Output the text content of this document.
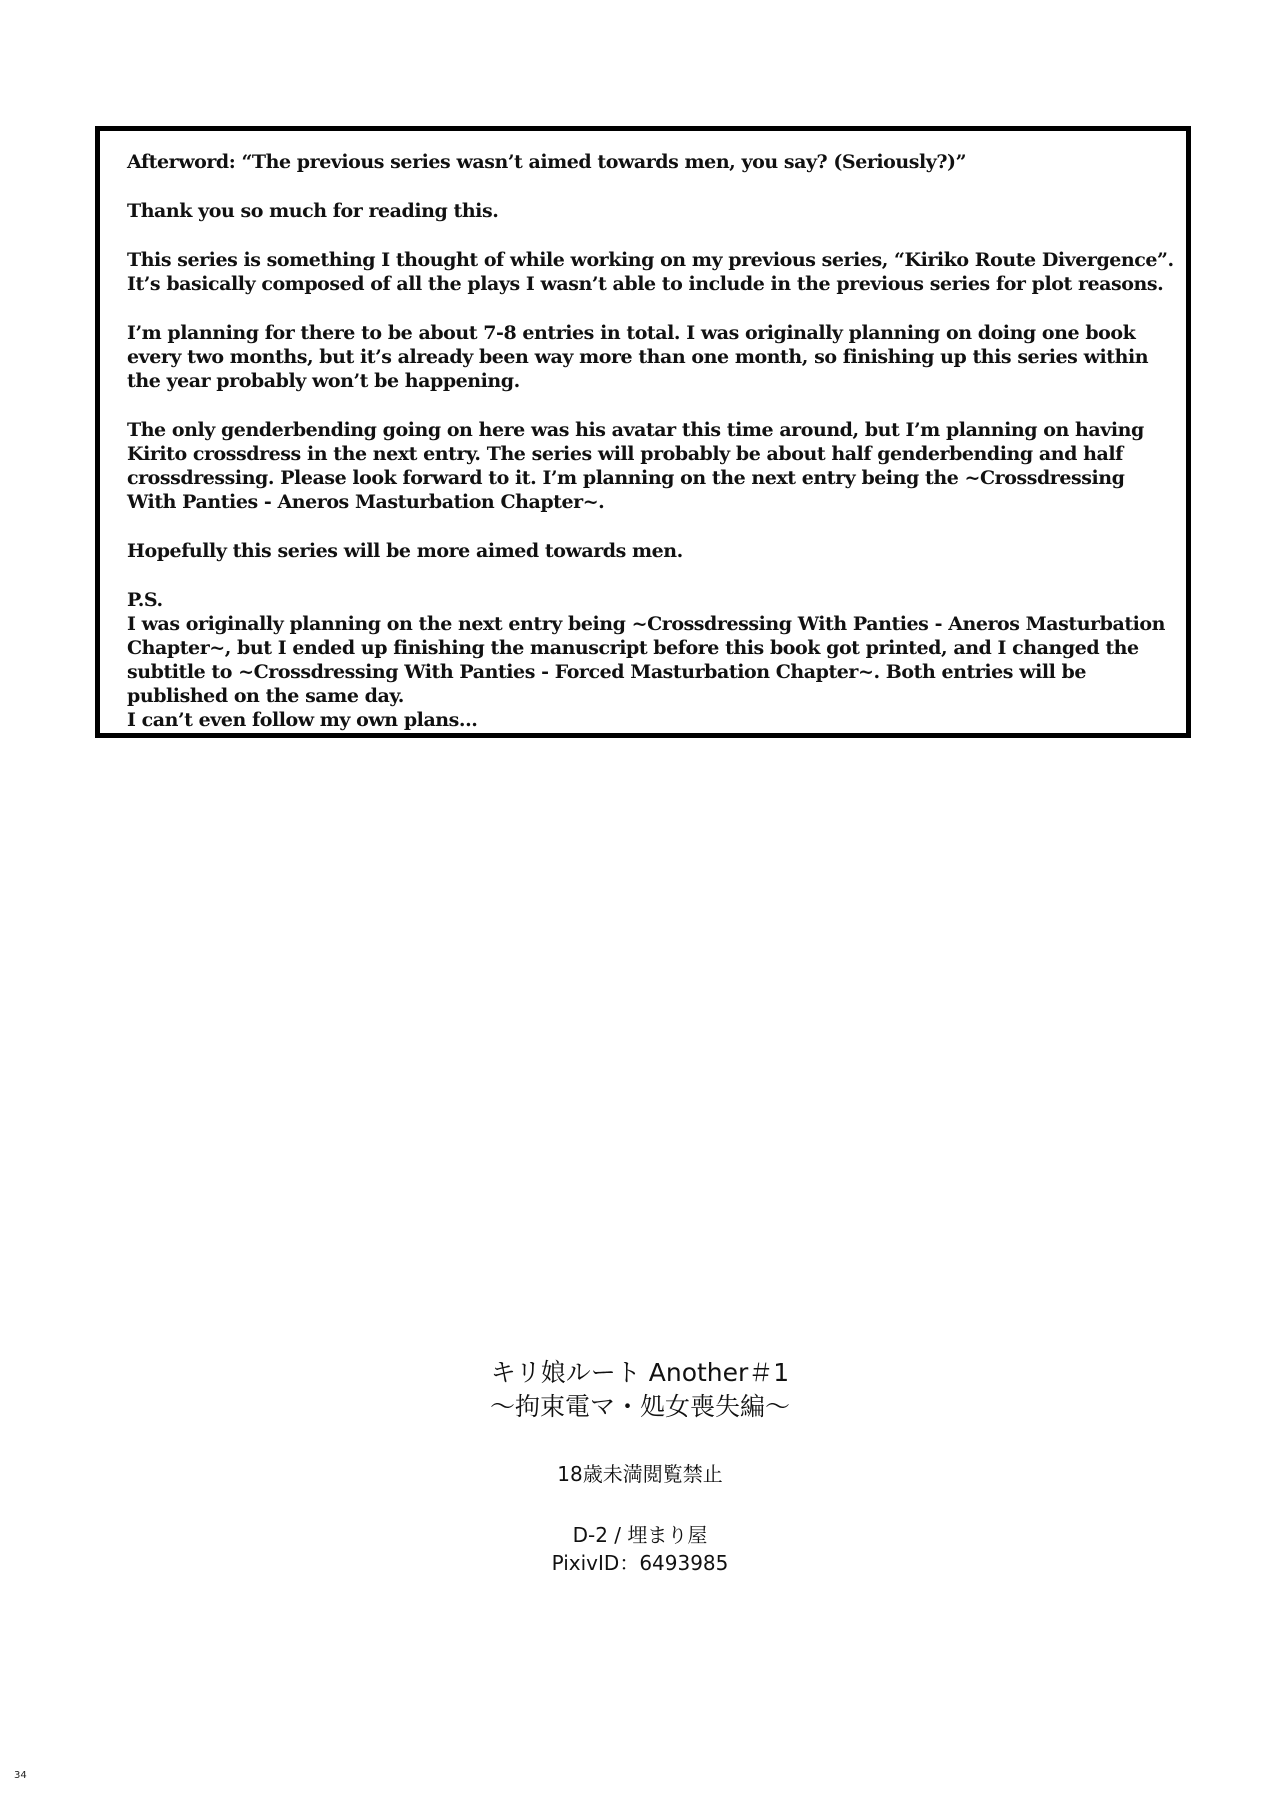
Afterword: “The previous series wasn’t aimed towards men, you say? (Seriously?)”

Thank you so much for reading this.

This series is something I thought of while working on my previous series, “Kiriko Route Divergence”.
It’s basically composed of all the plays I wasn’t able to include in the previous series for plot reasons.

I’m planning for there to be about 7-8 entries in total. I was originally planning on doing one book
every two months, but it’s already been way more than one month, so finishing up this series within
the year probably won’t be happening.

The only genderbending going on here was his avatar this time around, but I’m planning on having
Kirito crossdress in the next entry. The series will probably be about half genderbending and half
crossdressing. Please look forward to it. I’m planning on the next entry being the ~Crossdressing
With Panties - Aneros Masturbation Chapter~.

Hopefully this series will be more aimed towards men.

P.S.
I was originally planning on the next entry being ~Crossdressing With Panties - Aneros Masturbation
Chapter~, but I ended up finishing the manuscript before this book got printed, and I changed the
subtitle to ~Crossdressing With Panties - Forced Masturbation Chapter~. Both entries will be
published on the same day.
I can’t even follow my own plans...

キリ娘ルート Another＃1
〜拘束電マ・処女喪失編〜
18歳未満閲覧禁止
D-2 / 埋まり屋
PixivID：6493985
34
